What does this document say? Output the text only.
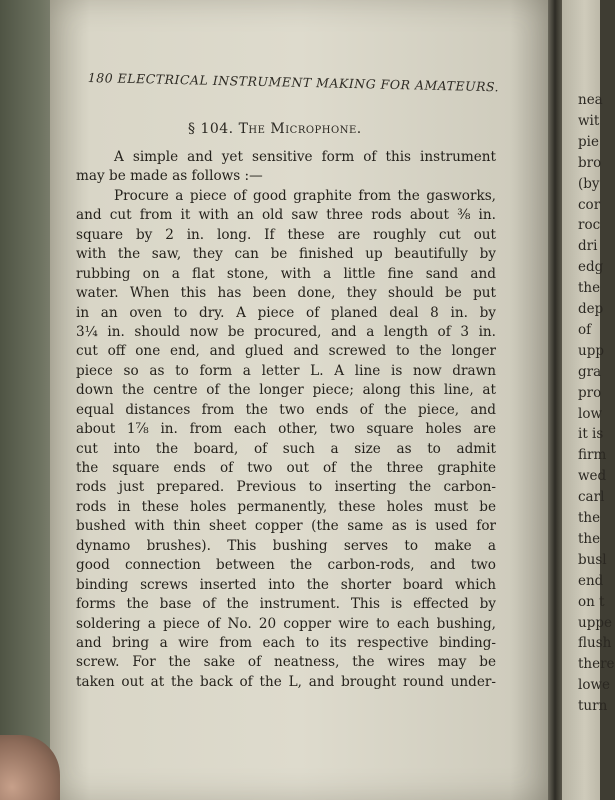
nea
wit
pie
bro
(by
cor
roc
dri
edg
the
dep
of
upp
gra
pro
low
it is
firm
wed
carl
the
the
busl
end
on t
uppe
flush
there
lowe
turn
180 ELECTRICAL INSTRUMENT MAKING FOR AMATEURS.
§ 104. The Microphone.
A simple and yet sensitive form of this instrument
may be made as follows :—
Procure a piece of good graphite from the gasworks,
and cut from it with an old saw three rods about ⅜ in.
square by 2 in. long. If these are roughly cut out
with the saw, they can be finished up beautifully by
rubbing on a flat stone, with a little fine sand and
water. When this has been done, they should be put
in an oven to dry. A piece of planed deal 8 in. by
3¼ in. should now be procured, and a length of 3 in.
cut off one end, and glued and screwed to the longer
piece so as to form a letter L. A line is now drawn
down the centre of the longer piece; along this line, at
equal distances from the two ends of the piece, and
about 1⅞ in. from each other, two square holes are
cut into the board, of such a size as to admit
the square ends of two out of the three graphite
rods just prepared. Previous to inserting the carbon-
rods in these holes permanently, these holes must be
bushed with thin sheet copper (the same as is used for
dynamo brushes). This bushing serves to make a
good connection between the carbon-rods, and two
binding screws inserted into the shorter board which
forms the base of the instrument. This is effected by
soldering a piece of No. 20 copper wire to each bushing,
and bring a wire from each to its respective binding-
screw. For the sake of neatness, the wires may be
taken out at the back of the L, and brought round under-
